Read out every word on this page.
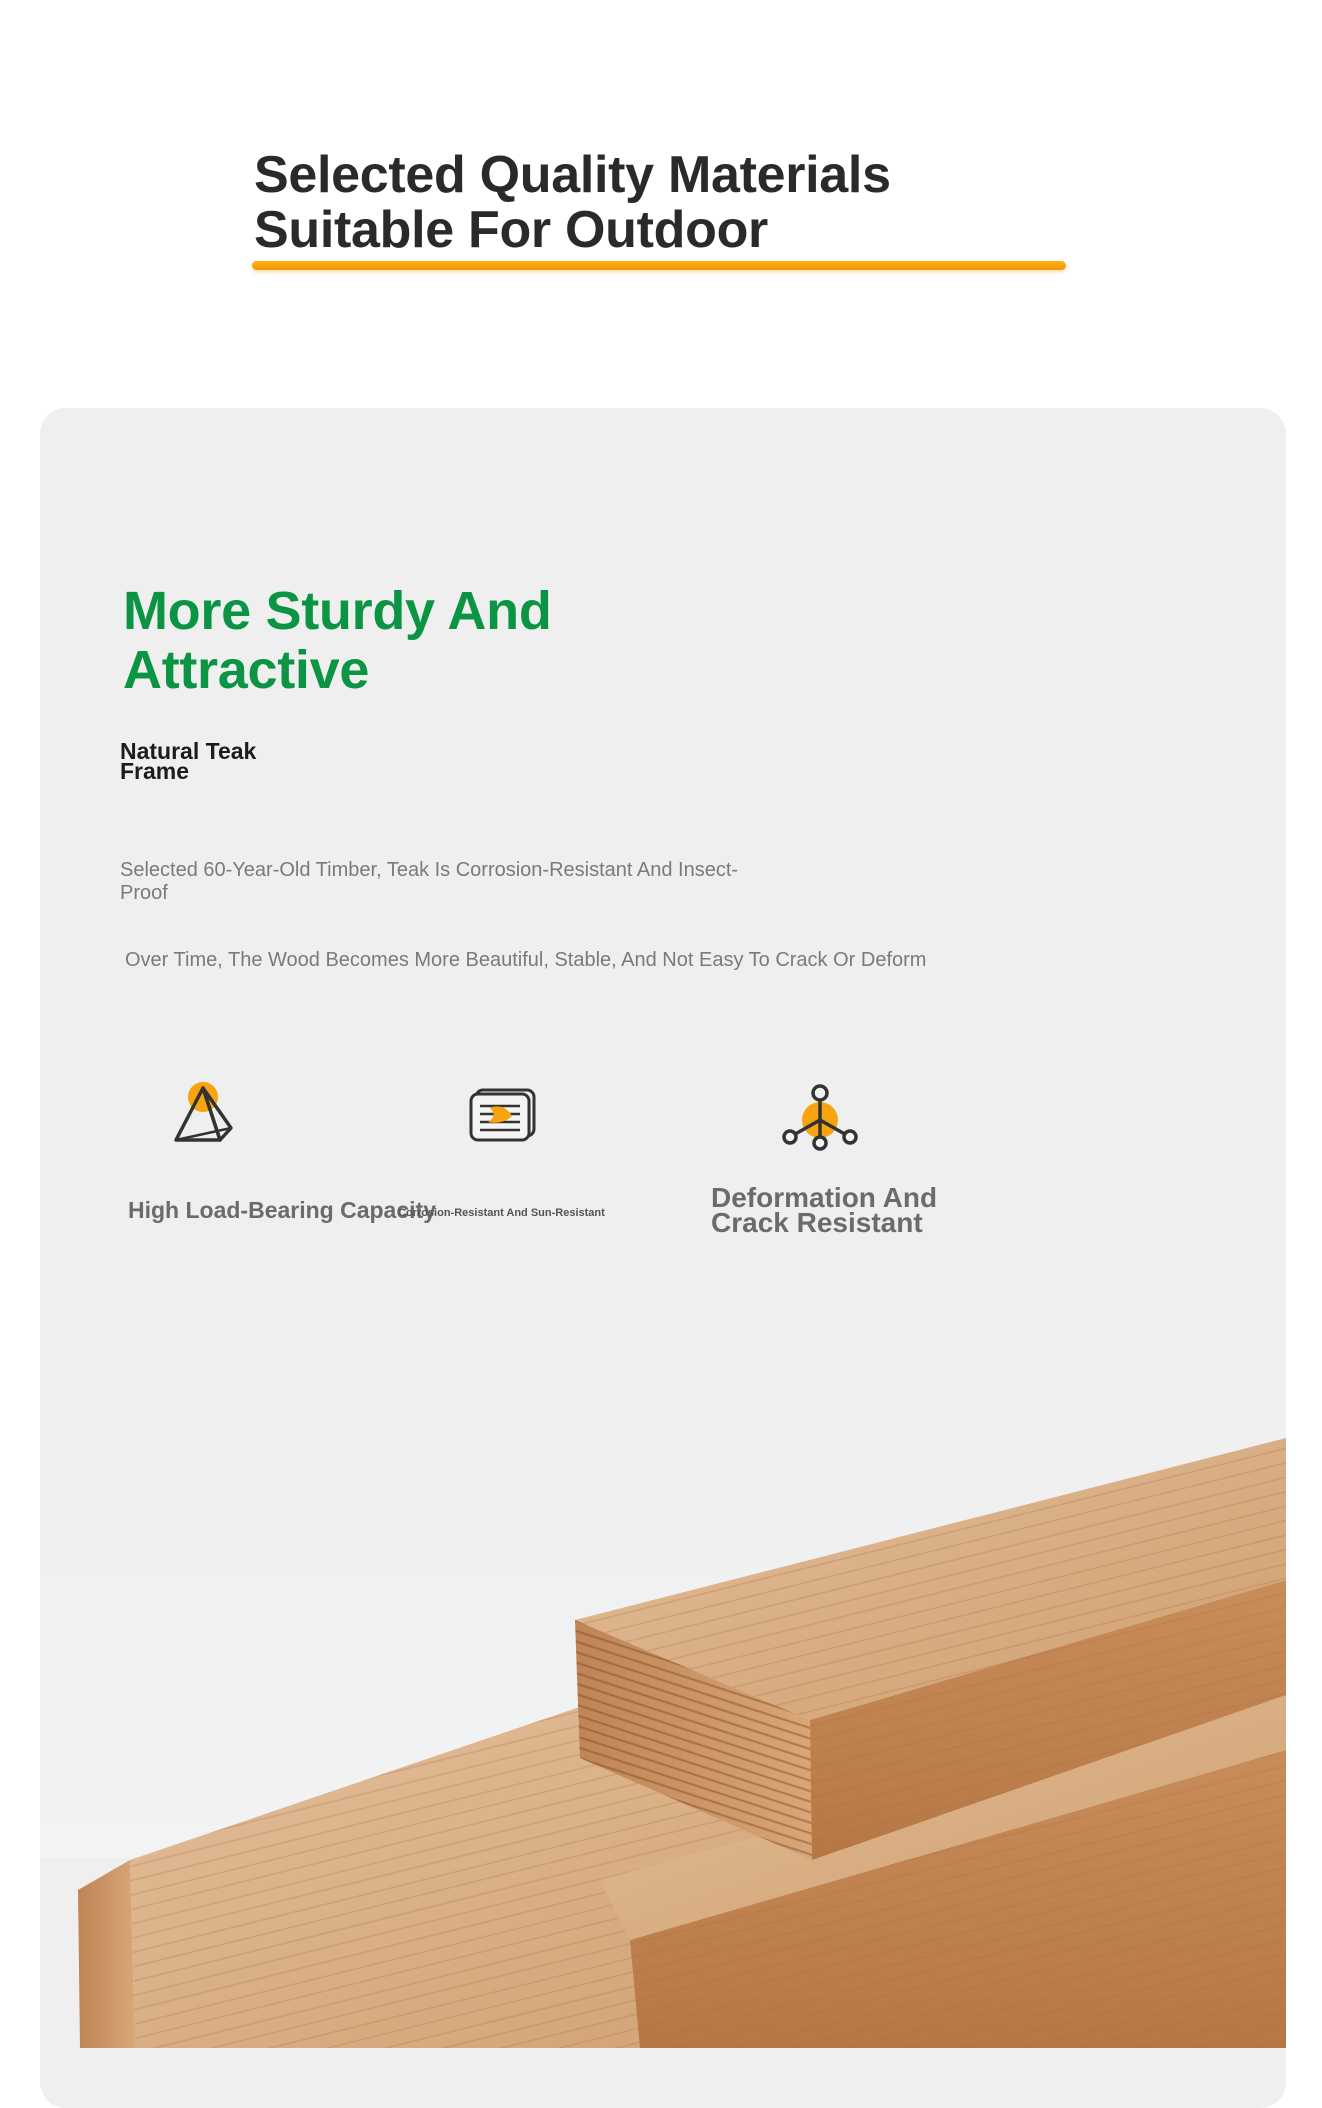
Selected Quality Materials Suitable For Outdoor
More Sturdy And Attractive
Natural Teak Frame

Selected 60-Year-Old Timber, Teak Is Corrosion-Resistant And Insect-Proof

Over Time, The Wood Becomes More Beautiful, Stable, And Not Easy To Crack Or Deform

High Load-Bearing Capacity

Corrosion-Resistant And Sun-Resistant	Deformation And Crack Resistant
